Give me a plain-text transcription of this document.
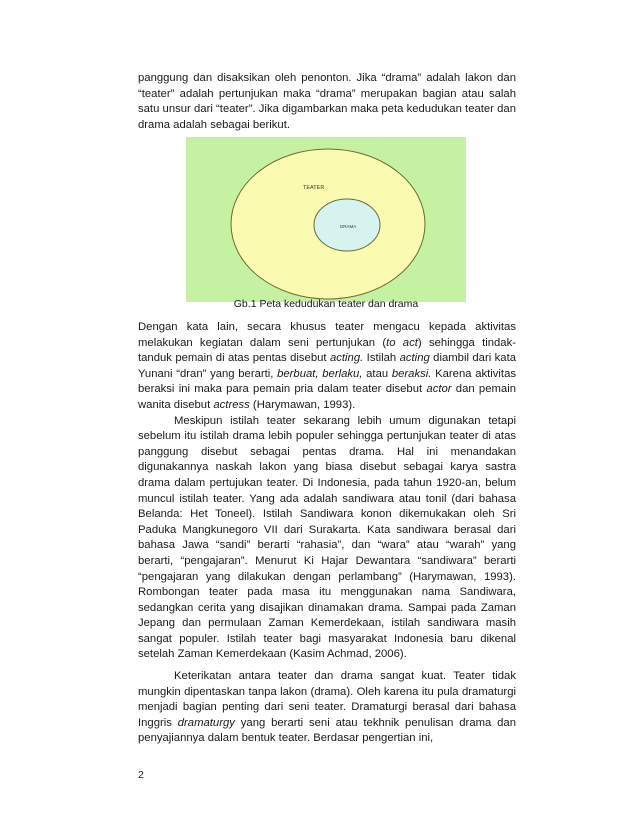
panggung dan disaksikan oleh penonton. Jika “drama” adalah lakon dan “teater” adalah pertunjukan maka “drama” merupakan bagian atau salah satu unsur dari “teater”. Jika digambarkan maka peta kedudukan teater dan drama adalah sebagai berikut.

TEATER
DRAMA
Gb.1 Peta kedudukan teater dan drama

Dengan kata lain, secara khusus teater mengacu kepada aktivitas melakukan kegiatan dalam seni pertunjukan (to act) sehingga tindak-tanduk pemain di atas pentas disebut acting. Istilah acting diambil dari kata Yunani “dran” yang berarti, berbuat, berlaku, atau beraksi. Karena aktivitas beraksi ini maka para pemain pria dalam teater disebut actor dan pemain wanita disebut actress (Harymawan, 1993).

Meskipun istilah teater sekarang lebih umum digunakan tetapi sebelum itu istilah drama lebih populer sehingga pertunjukan teater di atas panggung disebut sebagai pentas drama. Hal ini menandakan digunakannya naskah lakon yang biasa disebut sebagai karya sastra drama dalam pertujukan teater. Di Indonesia, pada tahun 1920-an, belum muncul istilah teater. Yang ada adalah sandiwara atau tonil (dari bahasa Belanda: Het Toneel). Istilah Sandiwara konon dikemukakan oleh Sri Paduka Mangkunegoro VII dari Surakarta. Kata sandiwara berasal dari bahasa Jawa “sandi” berarti “rahasia”, dan “wara” atau “warah” yang berarti, “pengajaran”. Menurut Ki Hajar Dewantara “sandiwara” berarti “pengajaran yang dilakukan dengan perlambang” (Harymawan, 1993). Rombongan teater pada masa itu menggunakan nama Sandiwara, sedangkan cerita yang disajikan dinamakan drama. Sampai pada Zaman Jepang dan permulaan Zaman Kemerdekaan, istilah sandiwara masih sangat populer. Istilah teater bagi masyarakat Indonesia baru dikenal setelah Zaman Kemerdekaan (Kasim Achmad, 2006).

Keterikatan antara teater dan drama sangat kuat. Teater tidak mungkin dipentaskan tanpa lakon (drama). Oleh karena itu pula dramaturgi menjadi bagian penting dari seni teater. Dramaturgi berasal dari bahasa Inggris dramaturgy yang berarti seni atau tekhnik penulisan drama dan penyajiannya dalam bentuk teater. Berdasar pengertian ini,

2
